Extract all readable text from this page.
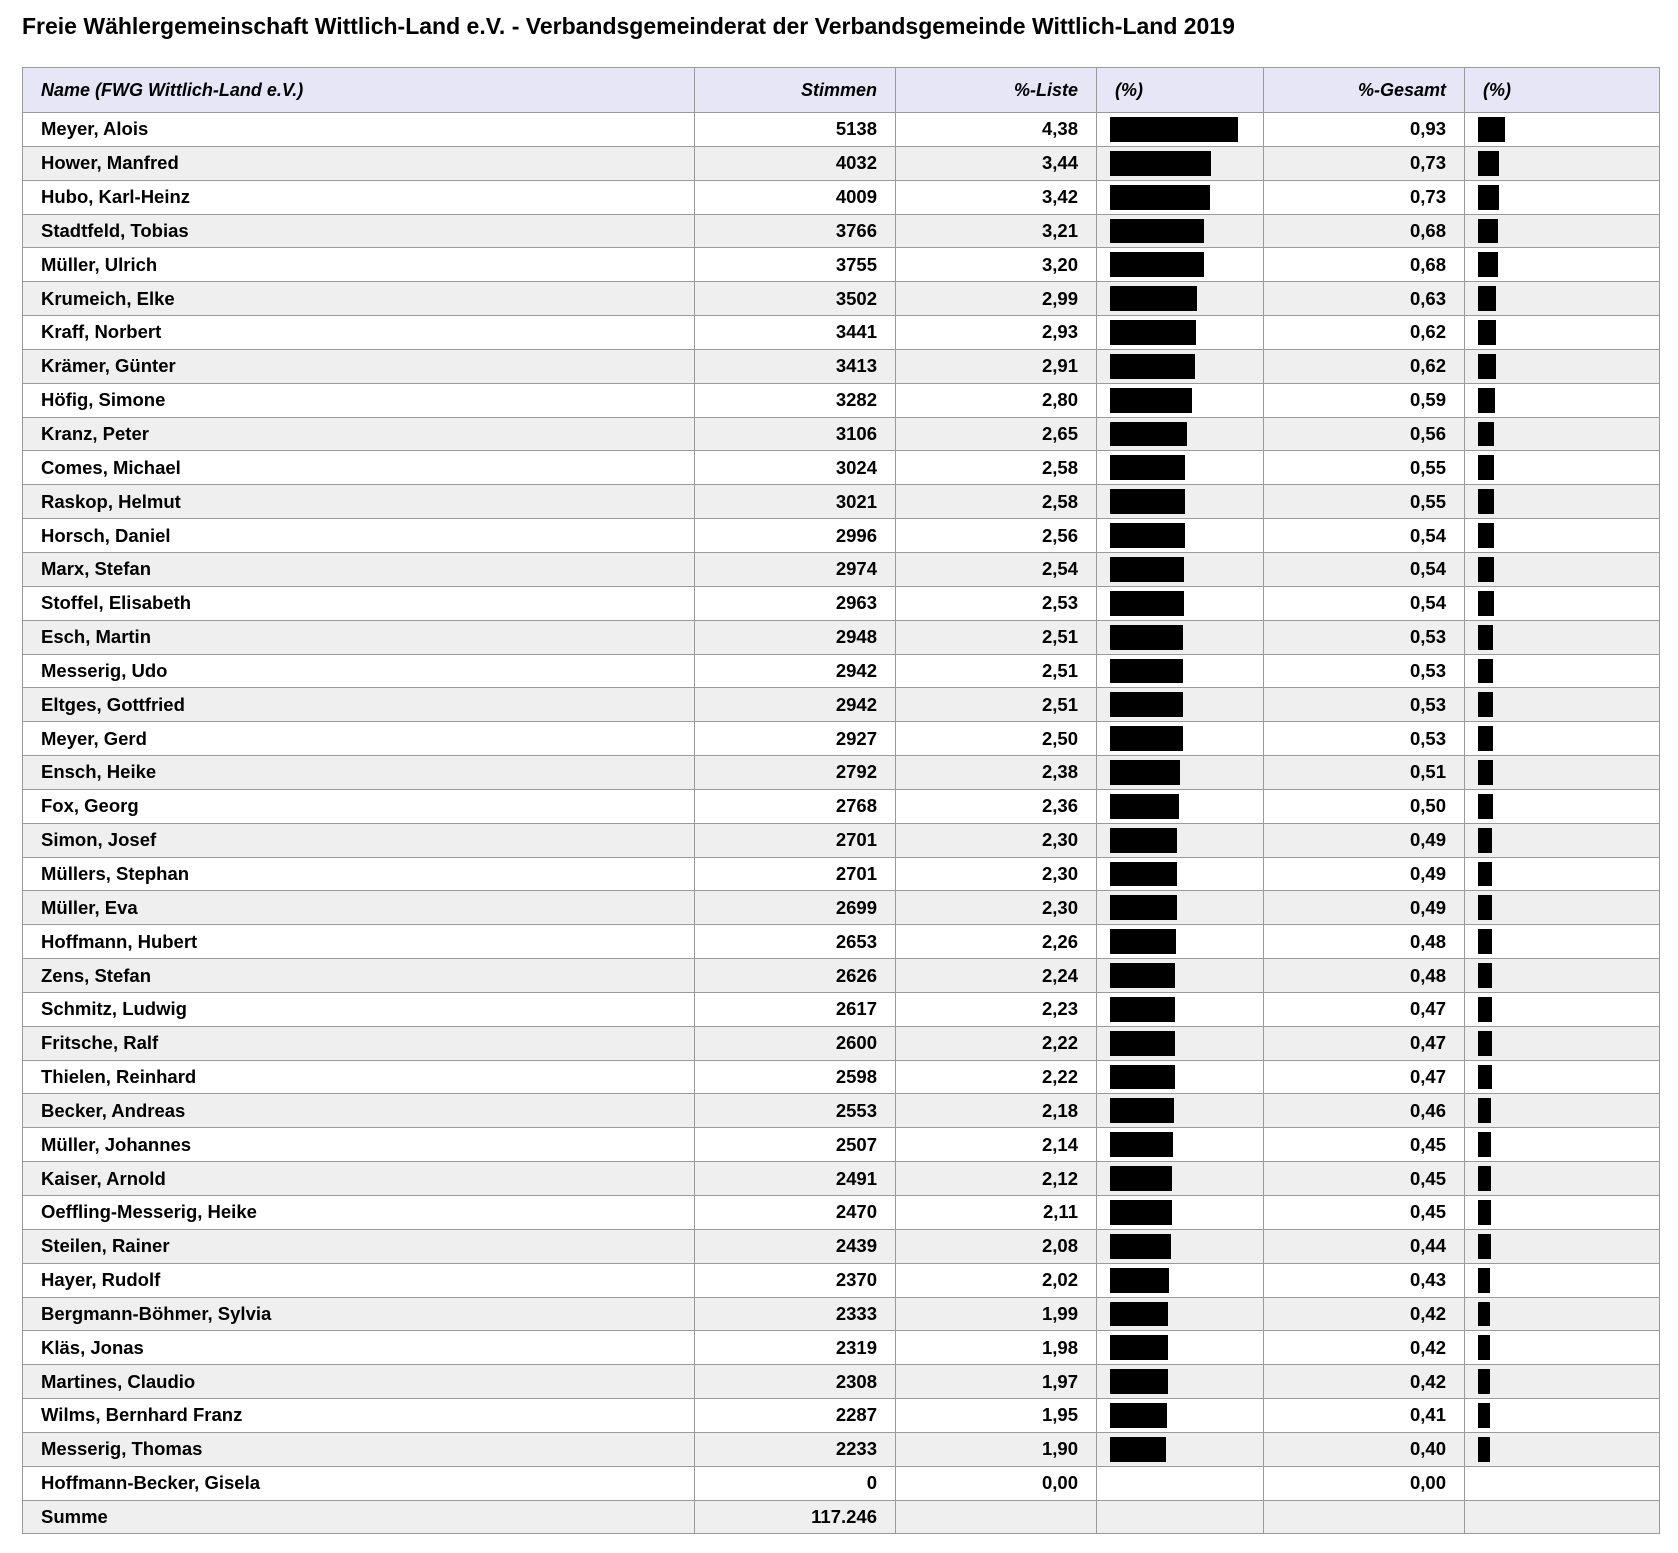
Freie Wählergemeinschaft Wittlich-Land e.V. - Verbandsgemeinderat der Verbandsgemeinde Wittlich-Land 2019
Name (FWG Wittlich-Land e.V.)	Stimmen	%-Liste	(%)	%-Gesamt	(%)
Meyer, Alois	5138	4,38		0,93	

Hower, Manfred	4032	3,44		0,73	

Hubo, Karl-Heinz	4009	3,42		0,73	

Stadtfeld, Tobias	3766	3,21		0,68	

Müller, Ulrich	3755	3,20		0,68	

Krumeich, Elke	3502	2,99		0,63	

Kraff, Norbert	3441	2,93		0,62	

Krämer, Günter	3413	2,91		0,62	

Höfig, Simone	3282	2,80		0,59	

Kranz, Peter	3106	2,65		0,56	

Comes, Michael	3024	2,58		0,55	

Raskop, Helmut	3021	2,58		0,55	

Horsch, Daniel	2996	2,56		0,54	

Marx, Stefan	2974	2,54		0,54	

Stoffel, Elisabeth	2963	2,53		0,54	

Esch, Martin	2948	2,51		0,53	

Messerig, Udo	2942	2,51		0,53	

Eltges, Gottfried	2942	2,51		0,53	

Meyer, Gerd	2927	2,50		0,53	

Ensch, Heike	2792	2,38		0,51	

Fox, Georg	2768	2,36		0,50	

Simon, Josef	2701	2,30		0,49	

Müllers, Stephan	2701	2,30		0,49	

Müller, Eva	2699	2,30		0,49	

Hoffmann, Hubert	2653	2,26		0,48	

Zens, Stefan	2626	2,24		0,48	

Schmitz, Ludwig	2617	2,23		0,47	

Fritsche, Ralf	2600	2,22		0,47	

Thielen, Reinhard	2598	2,22		0,47	

Becker, Andreas	2553	2,18		0,46	

Müller, Johannes	2507	2,14		0,45	

Kaiser, Arnold	2491	2,12		0,45	

Oeffling-Messerig, Heike	2470	2,11		0,45	

Steilen, Rainer	2439	2,08		0,44	

Hayer, Rudolf	2370	2,02		0,43	

Bergmann-Böhmer, Sylvia	2333	1,99		0,42	

Kläs, Jonas	2319	1,98		0,42	

Martines, Claudio	2308	1,97		0,42	

Wilms, Bernhard Franz	2287	1,95		0,41	

Messerig, Thomas	2233	1,90		0,40	

Hoffmann-Becker, Gisela	0	0,00		0,00	
Summe	117.246				
